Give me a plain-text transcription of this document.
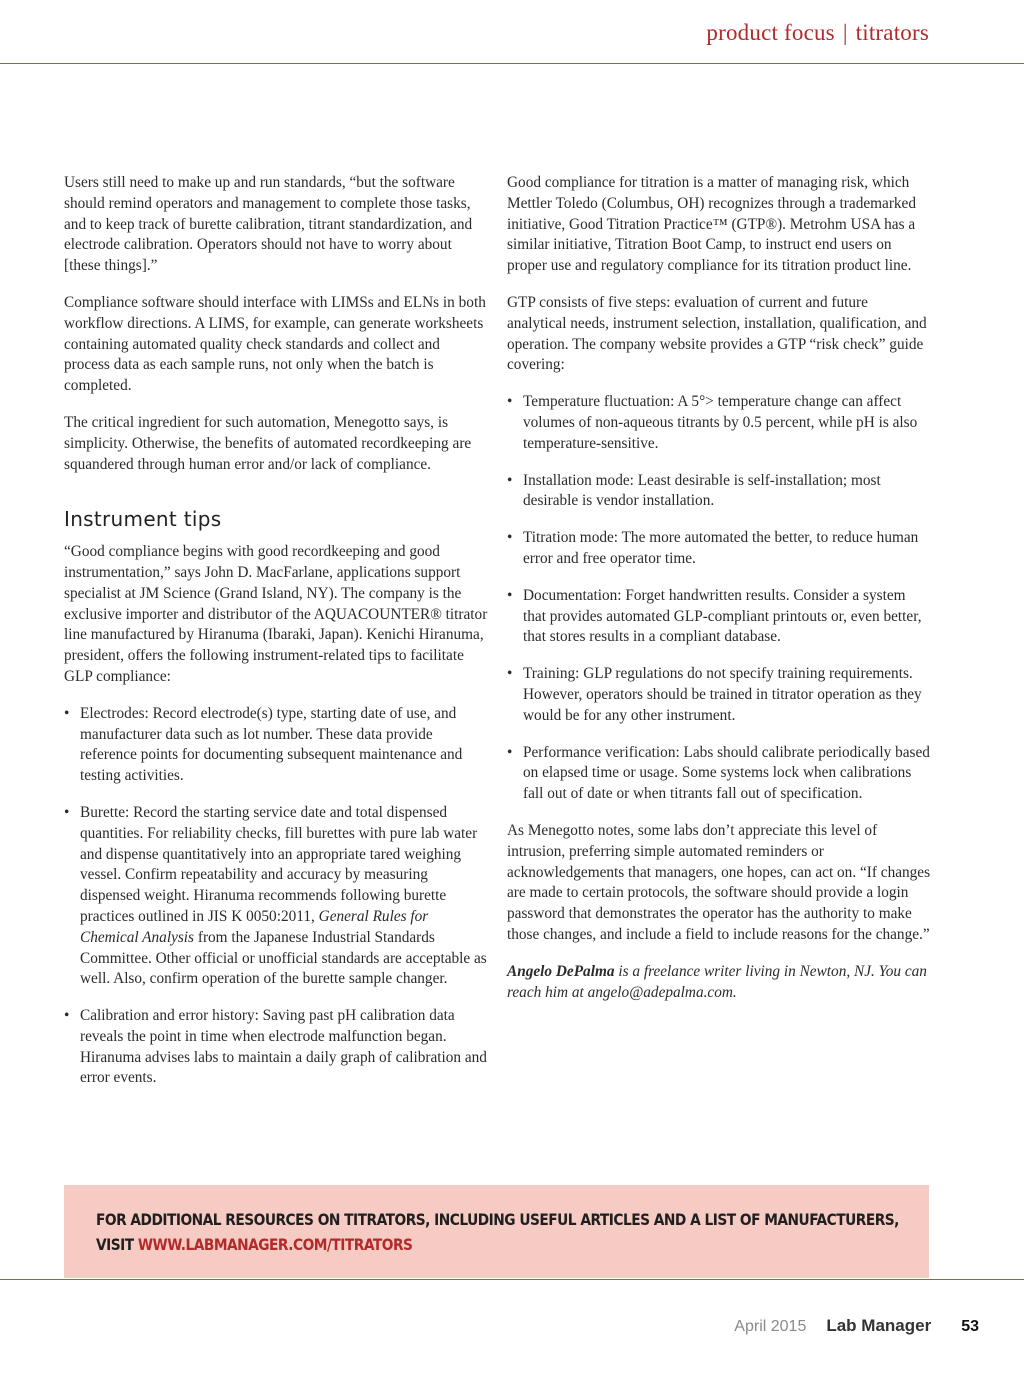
product focus | titrators

Users still need to make up and run standards, “but the software should remind operators and management to complete those tasks, and to keep track of burette calibration, titrant standardization, and electrode calibration. Operators should not have to worry about [these things].”

Compliance software should interface with LIMSs and ELNs in both workflow directions. A LIMS, for example, can generate worksheets containing automated quality check standards and collect and process data as each sample runs, not only when the batch is completed.

The critical ingredient for such automation, Menegotto says, is simplicity. Otherwise, the benefits of automated recordkeeping are squandered through human error and/or lack of compliance.

Instrument tips

“Good compliance begins with good recordkeeping and good instrumentation,” says John D. MacFarlane, applications support specialist at JM Science (Grand Island, NY). The company is the exclusive importer and distributor of the AQUACOUNTER® titrator line manufactured by Hiranuma (Ibaraki, Japan). Kenichi Hiranuma, president, offers the following instrument-related tips to facilitate GLP compliance:

• Electrodes: Record electrode(s) type, starting date of use, and manufacturer data such as lot number. These data provide reference points for documenting subsequent maintenance and testing activities.
• Burette: Record the starting service date and total dispensed quantities. For reliability checks, fill burettes with pure lab water and dispense quantitatively into an appropriate tared weighing vessel. Confirm repeatability and accuracy by measuring dispensed weight. Hiranuma recommends following burette practices outlined in JIS K 0050:2011, General Rules for Chemical Analysis from the Japanese Industrial Standards Committee. Other official or unofficial standards are acceptable as well. Also, confirm operation of the burette sample changer.
• Calibration and error history: Saving past pH calibration data reveals the point in time when electrode malfunction began. Hiranuma advises labs to maintain a daily graph of calibration and error events.

Good compliance for titration is a matter of managing risk, which Mettler Toledo (Columbus, OH) recognizes through a trademarked initiative, Good Titration Practice™ (GTP®). Metrohm USA has a similar initiative, Titration Boot Camp, to instruct end users on proper use and regulatory compliance for its titration product line.

GTP consists of five steps: evaluation of current and future analytical needs, instrument selection, installation, qualification, and operation. The company website provides a GTP “risk check” guide covering:

• Temperature fluctuation: A 5°> temperature change can affect volumes of non-aqueous titrants by 0.5 percent, while pH is also temperature-sensitive.
• Installation mode: Least desirable is self-installation; most desirable is vendor installation.
• Titration mode: The more automated the better, to reduce human error and free operator time.
• Documentation: Forget handwritten results. Consider a system that provides automated GLP-compliant printouts or, even better, that stores results in a compliant database.
• Training: GLP regulations do not specify training requirements. However, operators should be trained in titrator operation as they would be for any other instrument.
• Performance verification: Labs should calibrate periodically based on elapsed time or usage. Some systems lock when calibrations fall out of date or when titrants fall out of specification.

As Menegotto notes, some labs don’t appreciate this level of intrusion, preferring simple automated reminders or acknowledgements that managers, one hopes, can act on. “If changes are made to certain protocols, the software should provide a login password that demonstrates the operator has the authority to make those changes, and include a field to include reasons for the change.”

Angelo DePalma is a freelance writer living in Newton, NJ. You can reach him at angelo@adepalma.com.

FOR ADDITIONAL RESOURCES ON TITRATORS, INCLUDING USEFUL ARTICLES AND A LIST OF MANUFACTURERS,
VISIT WWW.LABMANAGER.COM/TITRATORS
April 2015 Lab Manager 53
